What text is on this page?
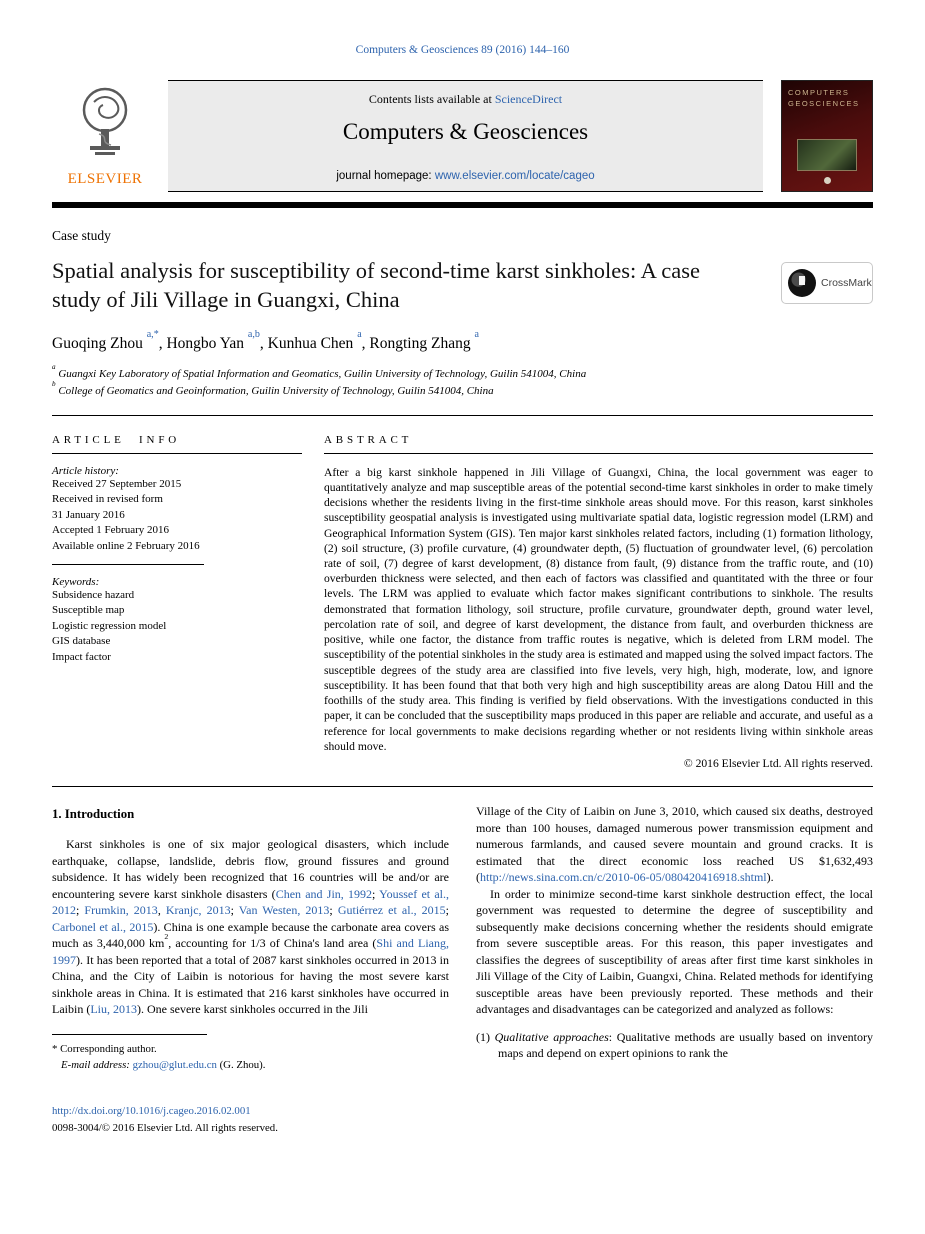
Computers & Geosciences 89 (2016) 144–160
ELSEVIER
Contents lists available at ScienceDirect
Computers & Geosciences
journal homepage: www.elsevier.com/locate/cageo
COMPUTERS
GEOSCIENCES
Case study
Spatial analysis for susceptibility of second-time karst sinkholes: A case study of Jili Village in Guangxi, China
CrossMark
Guoqing Zhou $^{a,*}$, Hongbo Yan $^{a,b}$, Kunhua Chen $^a$, Rongting Zhang $^a$
$^a$ Guangxi Key Laboratory of Spatial Information and Geomatics, Guilin University of Technology, Guilin 541004, China
$^b$ College of Geomatics and Geoinformation, Guilin University of Technology, Guilin 541004, China
ARTICLE INFO
Article history:
Received 27 September 2015
Received in revised form
31 January 2016
Accepted 1 February 2016
Available online 2 February 2016
Keywords:
Subsidence hazard
Susceptible map
Logistic regression model
GIS database
Impact factor
ABSTRACT

After a big karst sinkhole happened in Jili Village of Guangxi, China, the local government was eager to quantitatively analyze and map susceptible areas of the potential second-time karst sinkholes in order to make timely decisions whether the residents living in the first-time sinkhole areas should move. For this reason, karst sinkholes susceptibility geospatial analysis is investigated using multivariate spatial data, logistic regression model (LRM) and Geographical Information System (GIS). Ten major karst sinkholes related factors, including (1) formation lithology, (2) soil structure, (3) profile curvature, (4) groundwater depth, (5) fluctuation of groundwater level, (6) percolation rate of soil, (7) degree of karst development, (8) distance from fault, (9) distance from the traffic route, and (10) overburden thickness were selected, and then each of factors was classified and quantitated with the three or four levels. The LRM was applied to evaluate which factor makes significant contributions to sinkhole. The results demonstrated that formation lithology, soil structure, profile curvature, groundwater depth, ground water level, percolation rate of soil, and degree of karst development, the distance from fault, and overburden thickness are positive, while one factor, the distance from traffic routes is negative, which is deleted from LRM model. The susceptibility of the potential sinkholes in the study area is estimated and mapped using the solved impact factors. The susceptible degrees of the study area are classified into five levels, very high, high, moderate, low, and ignore susceptibility. It has been found that that both very high and high susceptibility areas are along Datou Hill and the foothills of the study area. This finding is verified by field observations. With the investigations conducted in this paper, it can be concluded that the susceptibility maps produced in this paper are reliable and accurate, and useful as a reference for local governments to make decisions regarding whether or not residents living within sinkhole areas should move.

© 2016 Elsevier Ltd. All rights reserved.
1. Introduction

Karst sinkholes is one of six major geological disasters, which include earthquake, collapse, landslide, debris flow, ground fissures and ground subsidence. It has widely been recognized that 16 countries will be and/or are encountering severe karst sinkhole disasters (Chen and Jin, 1992; Youssef et al., 2012; Frumkin, 2013, Kranjc, 2013; Van Westen, 2013; Gutiérrez et al., 2015; Carbonel et al., 2015). China is one example because the carbonate area covers as much as 3,440,000 $km^2$, accounting for 1/3 of China's land area (Shi and Liang, 1997). It has been reported that a total of 2087 karst sinkholes occurred in 2013 in China, and the City of Laibin is notorious for having the most severe karst sinkhole areas in China. It is estimated that 216 karst sinkholes have occurred in Laibin (Liu, 2013). One severe karst sinkholes occurred in the Jili

* Corresponding author.
E-mail address: gzhou@glut.edu.cn (G. Zhou).
http://dx.doi.org/10.1016/j.cageo.2016.02.001
0098-3004/© 2016 Elsevier Ltd. All rights reserved.

Village of the City of Laibin on June 3, 2010, which caused six deaths, destroyed more than 100 houses, damaged numerous power transmission equipment and numerous farmlands, and caused severe mountain and ground cracks. It is estimated that the direct economic loss reached US $1,632,493 (http://news.sina.com.cn/c/2010-06-05/080420416918.shtml).

In order to minimize second-time karst sinkhole destruction effect, the local government was requested to determine the degree of susceptibility and subsequently make decisions concerning whether the residents should emigrate from severe susceptible areas. For this reason, this paper investigates and classifies the degrees of susceptibility of areas after first time karst sinkholes in Jili Village of the City of Laibin, Guangxi, China. Related methods for identifying susceptible areas have been previously reported. These methods and their advantages and disadvantages can be categorized and analyzed as follows:

(1) Qualitative approaches: Qualitative methods are usually based on inventory maps and depend on expert opinions to rank the
